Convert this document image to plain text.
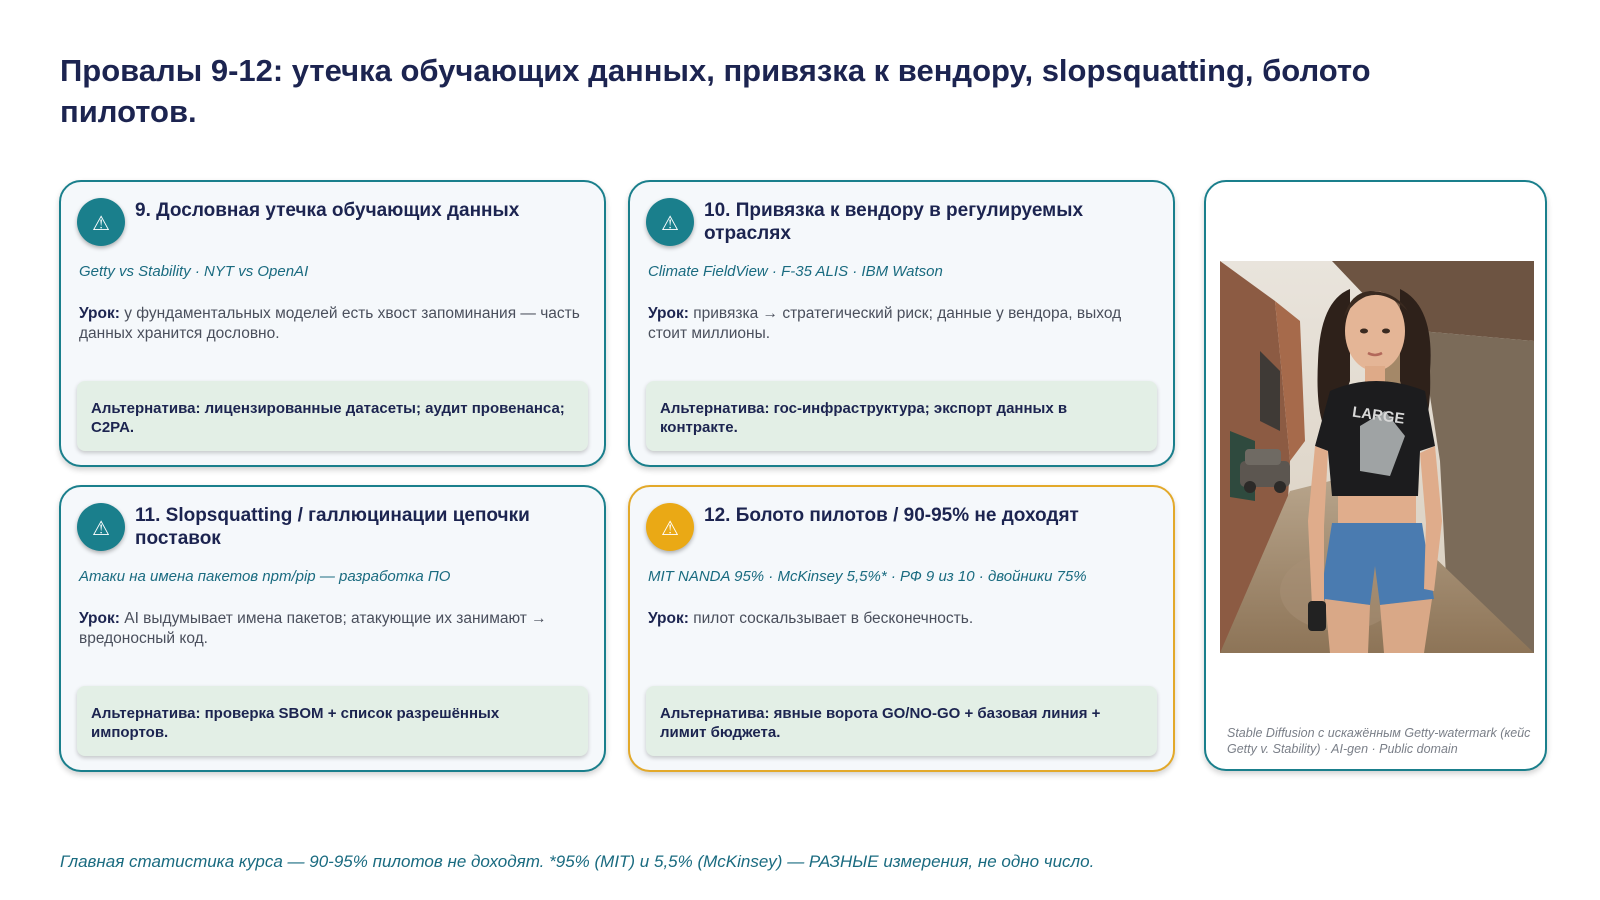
Провалы 9-12: утечка обучающих данных, привязка к вендору, slopsquatting, болото пилотов.
⚠
9. Дословная утечка обучающих данных
Getty vs Stability · NYT vs OpenAI
Урок: у фундаментальных моделей есть хвост запоминания — часть данных хранится дословно.
Альтернатива: лицензированные датасеты; аудит провенанса; C2PA.
⚠
10. Привязка к вендору в регулируемых отраслях
Climate FieldView · F-35 ALIS · IBM Watson
Урок: привязка → стратегический риск; данные у вендора, выход стоит миллионы.
Альтернатива: гос-инфраструктура; экспорт данных в контракте.
⚠
11. Slopsquatting / галлюцинации цепочки поставок
Атаки на имена пакетов npm/pip — разработка ПО
Урок: AI выдумывает имена пакетов; атакующие их занимают → вредоносный код.
Альтернатива: проверка SBOM + список разрешённых импортов.
⚠
12. Болото пилотов / 90-95% не доходят
MIT NANDA 95% · McKinsey 5,5%* · РФ 9 из 10 · двойники 75%
Урок: пилот соскальзывает в бесконечность.
Альтернатива: явные ворота GO/NO-GO + базовая линия + лимит бюджета.
LARGE
Stable Diffusion с искажённым Getty-watermark (кейс Getty v. Stability) · AI-gen · Public domain
Главная статистика курса — 90-95% пилотов не доходят. *95% (MIT) и 5,5% (McKinsey) — РАЗНЫЕ измерения, не одно число.
